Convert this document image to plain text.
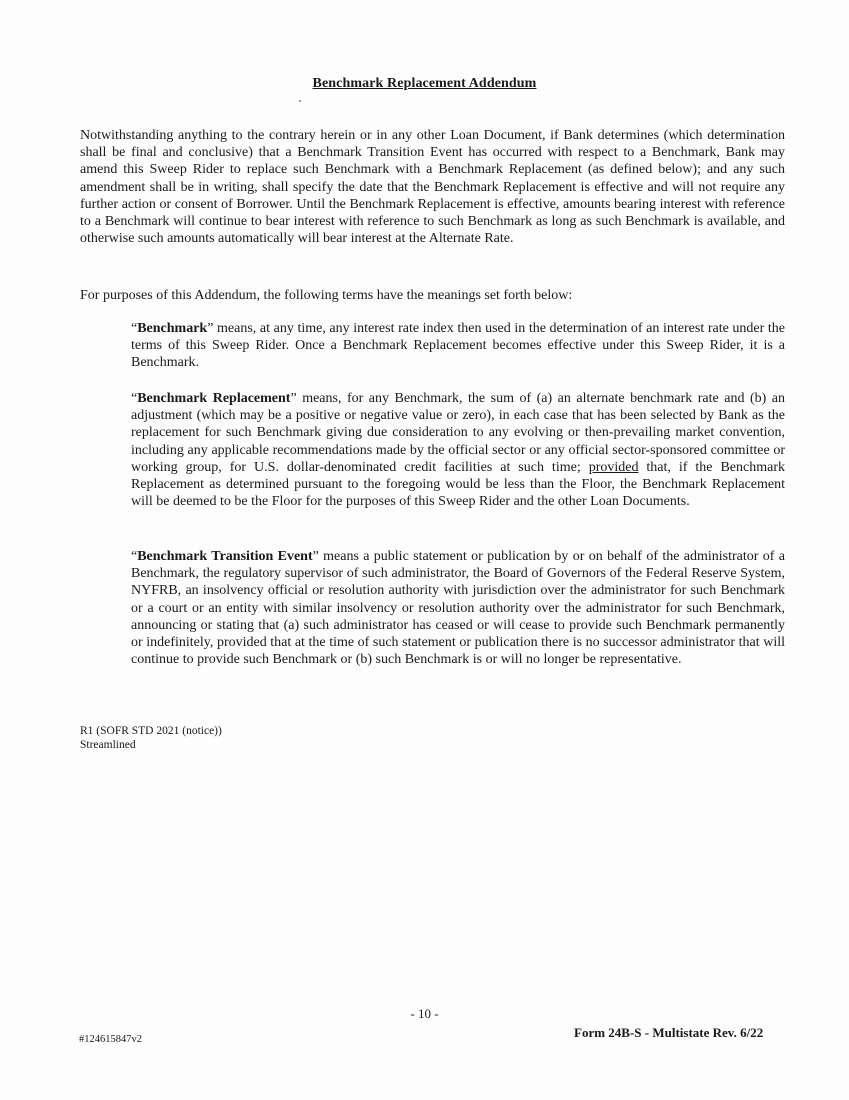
Benchmark Replacement Addendum

Notwithstanding anything to the contrary herein or in any other Loan Document, if Bank determines (which determination shall be final and conclusive) that a Benchmark Transition Event has occurred with respect to a Benchmark, Bank may amend this Sweep Rider to replace such Benchmark with a Benchmark Replacement (as defined below); and any such amendment shall be in writing, shall specify the date that the Benchmark Replacement is effective and will not require any further action or consent of Borrower. Until the Benchmark Replacement is effective, amounts bearing interest with reference to a Benchmark will continue to bear interest with reference to such Benchmark as long as such Benchmark is available, and otherwise such amounts automatically will bear interest at the Alternate Rate.

For purposes of this Addendum, the following terms have the meanings set forth below:

“Benchmark” means, at any time, any interest rate index then used in the determination of an interest rate under the terms of this Sweep Rider. Once a Benchmark Replacement becomes effective under this Sweep Rider, it is a Benchmark.

“Benchmark Replacement” means, for any Benchmark, the sum of (a) an alternate benchmark rate and (b) an adjustment (which may be a positive or negative value or zero), in each case that has been selected by Bank as the replacement for such Benchmark giving due consideration to any evolving or then-prevailing market convention, including any applicable recommendations made by the official sector or any official sector-sponsored committee or working group, for U.S. dollar-denominated credit facilities at such time; provided that, if the Benchmark Replacement as determined pursuant to the foregoing would be less than the Floor, the Benchmark Replacement will be deemed to be the Floor for the purposes of this Sweep Rider and the other Loan Documents.

“Benchmark Transition Event” means a public statement or publication by or on behalf of the administrator of a Benchmark, the regulatory supervisor of such administrator, the Board of Governors of the Federal Reserve System, NYFRB, an insolvency official or resolution authority with jurisdiction over the administrator for such Benchmark or a court or an entity with similar insolvency or resolution authority over the administrator for such Benchmark, announcing or stating that (a) such administrator has ceased or will cease to provide such Benchmark permanently or indefinitely, provided that at the time of such statement or publication there is no successor administrator that will continue to provide such Benchmark or (b) such Benchmark is or will no longer be representative.

R1 (SOFR STD 2021 (notice))
Streamlined
- 10 -
Form 24B-S - Multistate Rev. 6/22
#124615847v2
